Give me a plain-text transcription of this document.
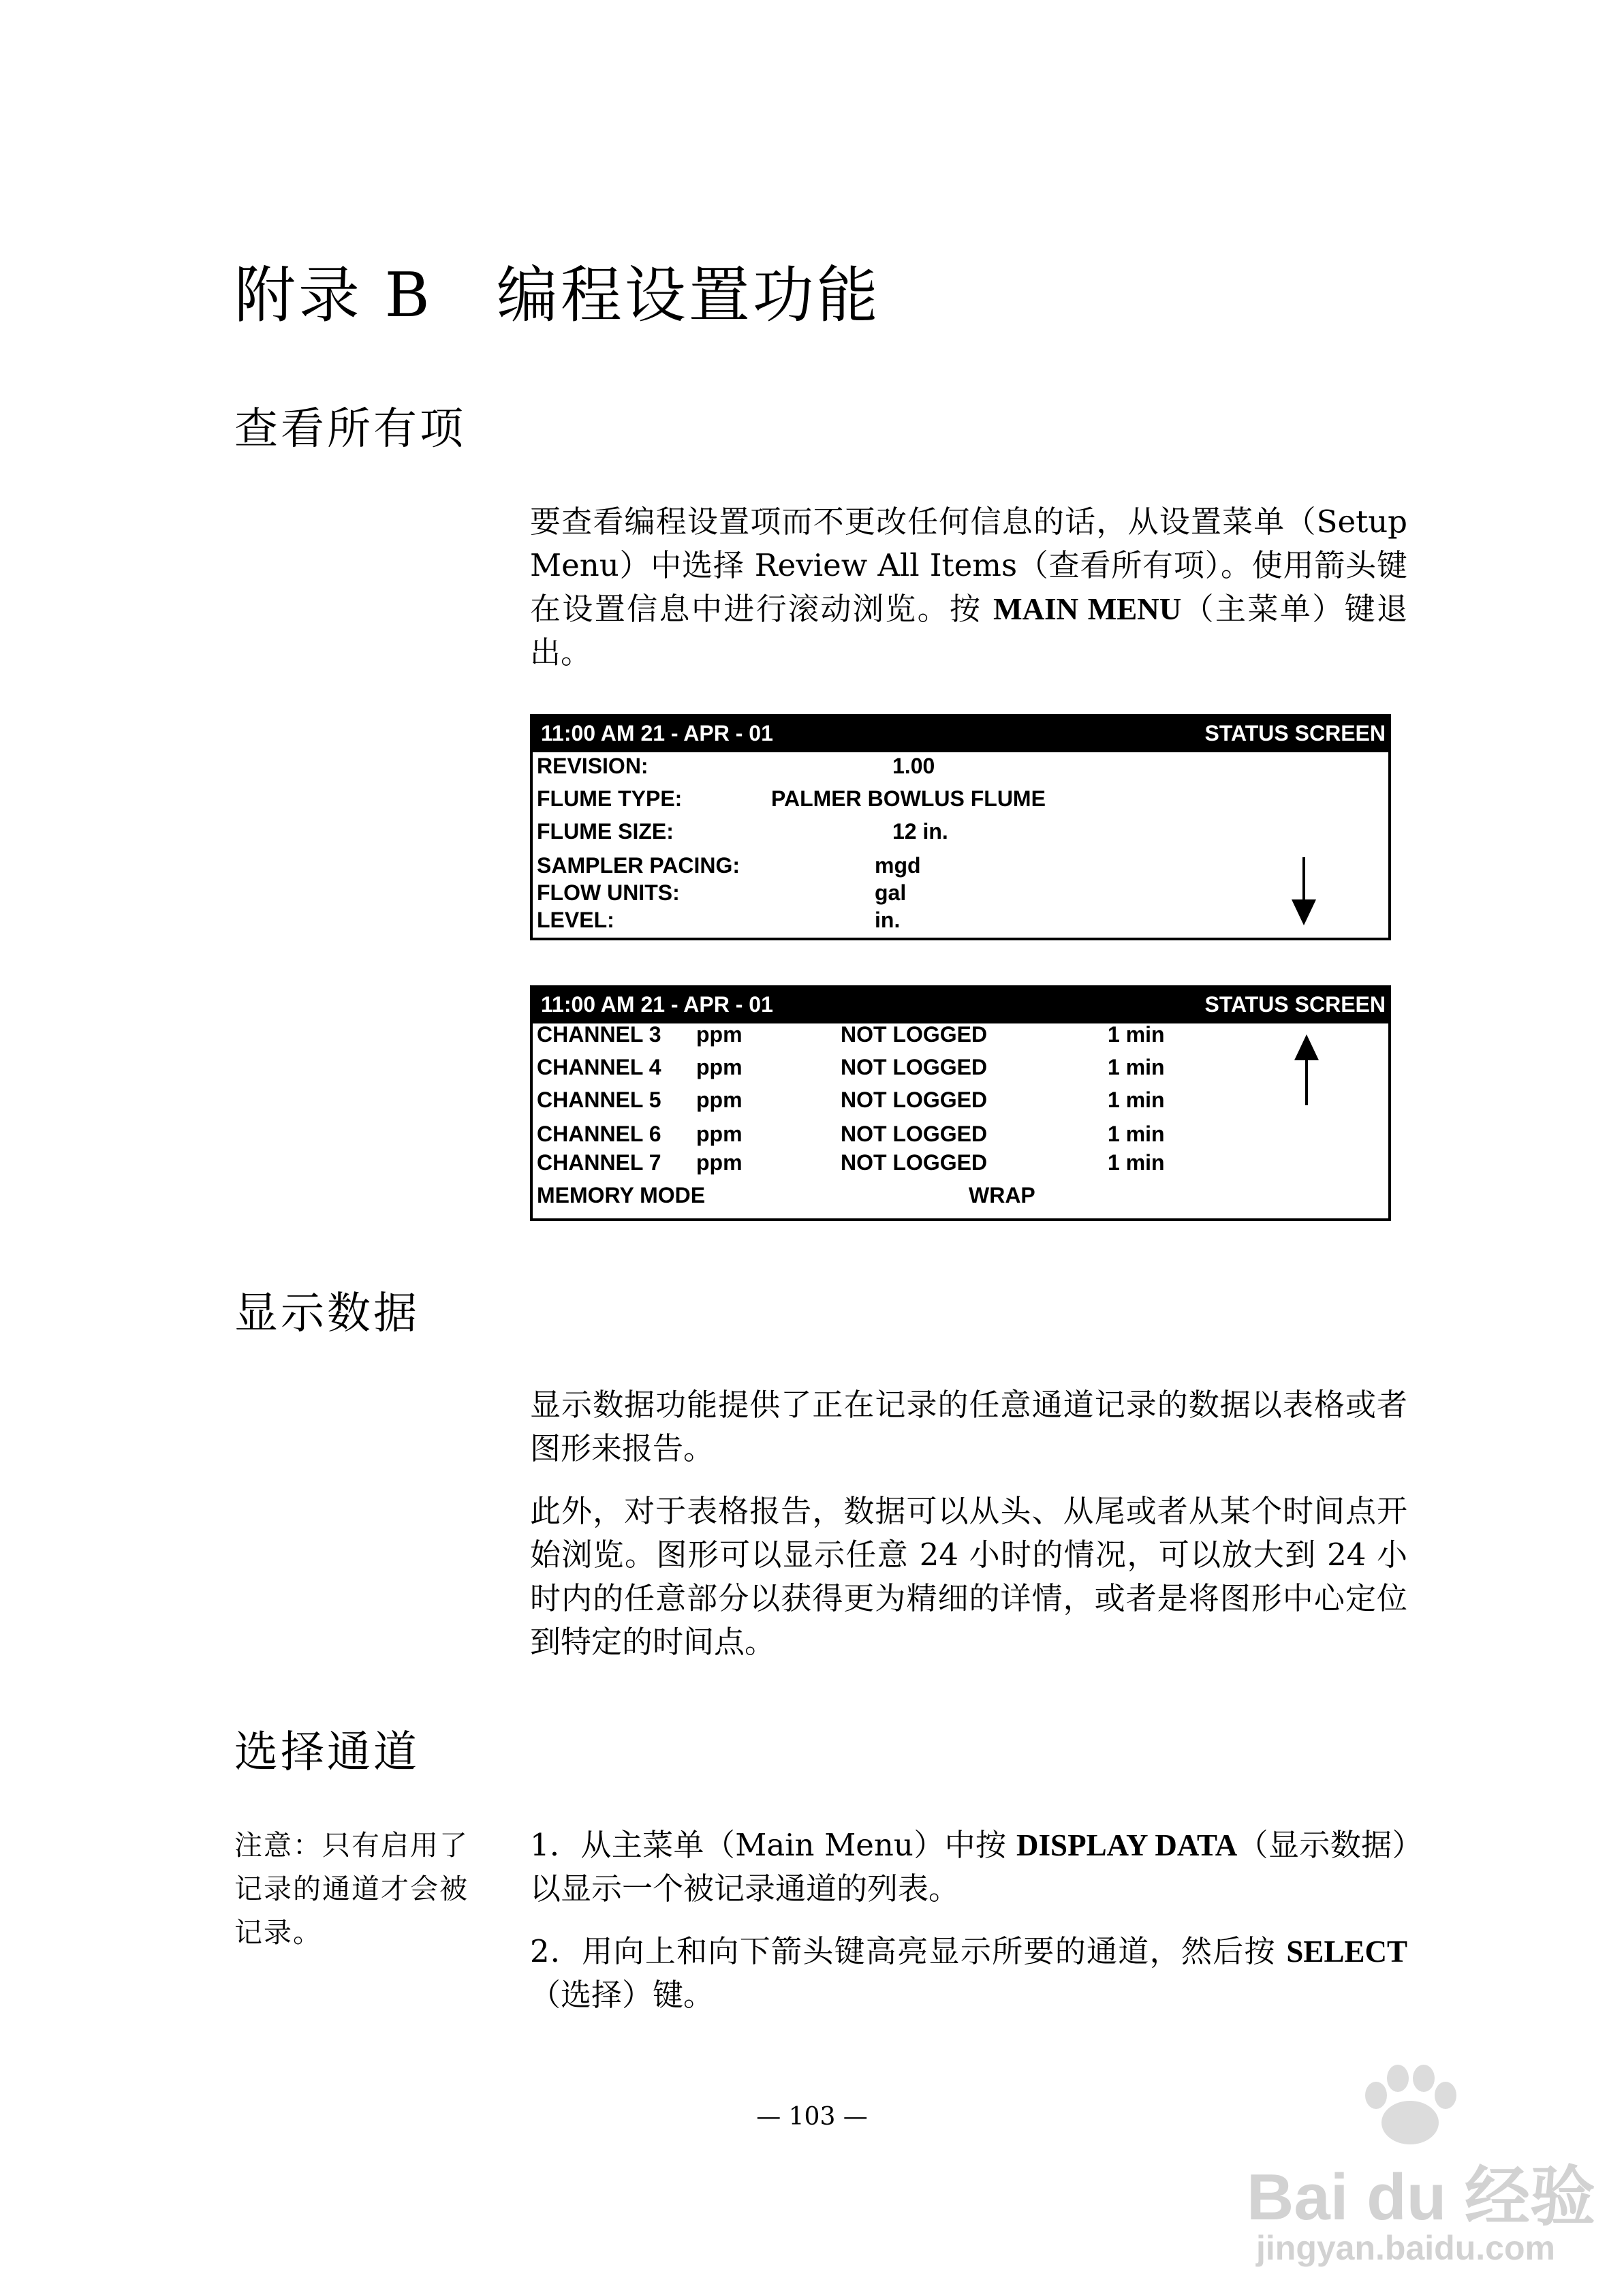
附录 B　编程设置功能
查看所有项

要查看编程设置项而不更改任何信息的话，从设置菜单（Setup Menu）中选择 Review All Items（查看所有项）。使用箭头键在设置信息中进行滚动浏览。按 MAIN MENU（主菜单）键退出。

11:00 AM 21 - APR - 01	STATUS SCREEN
REVISION:	1.00
FLUME TYPE:	PALMER BOWLUS FLUME
FLUME SIZE:	12 in.
SAMPLER PACING:	mgd
FLOW UNITS:	gal
LEVEL:	in.
11:00 AM 21 - APR - 01	STATUS SCREEN
CHANNEL 3 ppm	NOT LOGGED	1 min
CHANNEL 4 ppm	NOT LOGGED	1 min
CHANNEL 5 ppm	NOT LOGGED	1 min
CHANNEL 6 ppm	NOT LOGGED	1 min
CHANNEL 7 ppm	NOT LOGGED	1 min
MEMORY MODE	WRAP
显示数据

显示数据功能提供了正在记录的任意通道记录的数据以表格或者图形来报告。

此外，对于表格报告，数据可以从头、从尾或者从某个时间点开始浏览。图形可以显示任意 24 小时的情况，可以放大到 24 小时内的任意部分以获得更为精细的详情，或者是将图形中心定位到特定的时间点。

选择通道

注意：只有启用了记录的通道才会被记录。

1．从主菜单（Main Menu）中按 DISPLAY DATA（显示数据）以显示一个被记录通道的列表。

2．用向上和向下箭头键高亮显示所要的通道，然后按 SELECT（选择）键。

— 103 —
Bai du 经验
jingyan.baidu.com
